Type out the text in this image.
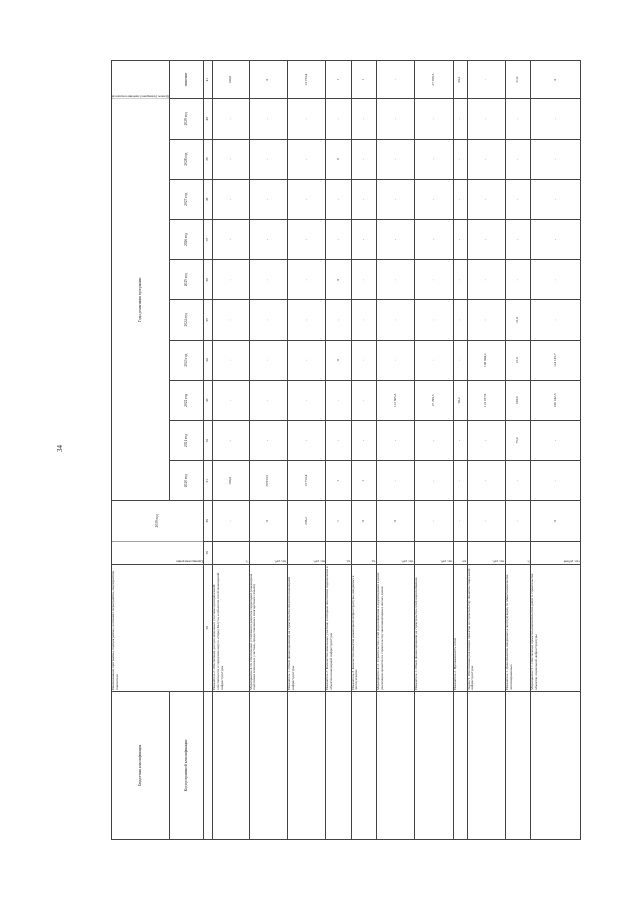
34
Бюджетная классификация	Наименование программы, подпрограммы, основного мероприятия, мероприятия, показателя	Единица измерения	2019 год	Годы реализации программы										Целевое (суммарное) значение показателя
Код программной классификации				2020 год	2021 год	2022 год	2023 год	2024 год	2025 год	2026 год	2027 год	2028 год	2029 год	значение
	28	29	30	31	32	33	34	35	36	37	38	39	40	41
	Показатель 2. Обеспечение доступа земельных участков муниципальной собственности в городском округе «Город Калуга» к объектам сетей инженерной инфраструктуры	%	-	100,0	-	-	-	-	-	-	-	-	-	100,0
	Мероприятие 4.10. Обеспечение устойчивого развития территорий (инженерная подготовка земельных участков, предоставленных многодетным семьям)	тыс. руб.	0	28 953,5	-	-	-	-	-	-	-	-	-	0
	Показатель 1. Объем финансирования на строительство объектов инженерной инфраструктуры	тыс. руб.	238,2	13 753,4	-	-	-	-	-	-	-	-	-	13 753,4
	Показатель 2. Количество земельных участков, к которым обеспечено подключение к объектам инженерной инфраструктуры	ед.	1	1	-	-	0	-	0	-	-	0	-	1
	Показатель 3. Количество объектов инженерной инфраструктуры, введенных в эксплуатацию	ед.	0	1	-	-	-	-	-	-	-	-	-	1
	Мероприятие 4.11. Строительство сетей водоснабжения и водоотведения в целях реализации проектов по строительству многоквартирных жилых домов	тыс. руб.	0	-	-	112 565,3	-	-	-	-	-	-	-	-
	Показатель 1. Объем финансирования на строительство сетей водоснабжения	тыс. руб.	-	-	-	27 299,5	-	-	-	-	-	-	-	27 299,5
	Показатель 2. Протяженность сетей	км	-	-	-	50,2	-	-	-	-	-	-	-	50,2
	Задача 5. Обеспечение реализации проектов по строительству объектов социальной инфраструктуры	тыс. руб.	-	-	-	114 167,9	108 044,2	-	-	-	-	-	-	-
	Показатель 1. Доля объектов, введенных в эксплуатацию, от общего количества запланированных	%	-	-	75,0	100,0	21,0	21,0	-	-	-	-	-	21,0
	Мероприятие 5.1. Обеспечение проектно-изыскательских работ и строительства объектов социальной инфраструктуры	тыс. рублей	0	-	-	106 242,5	114 145,7	-	-	-	-	-	-	0
